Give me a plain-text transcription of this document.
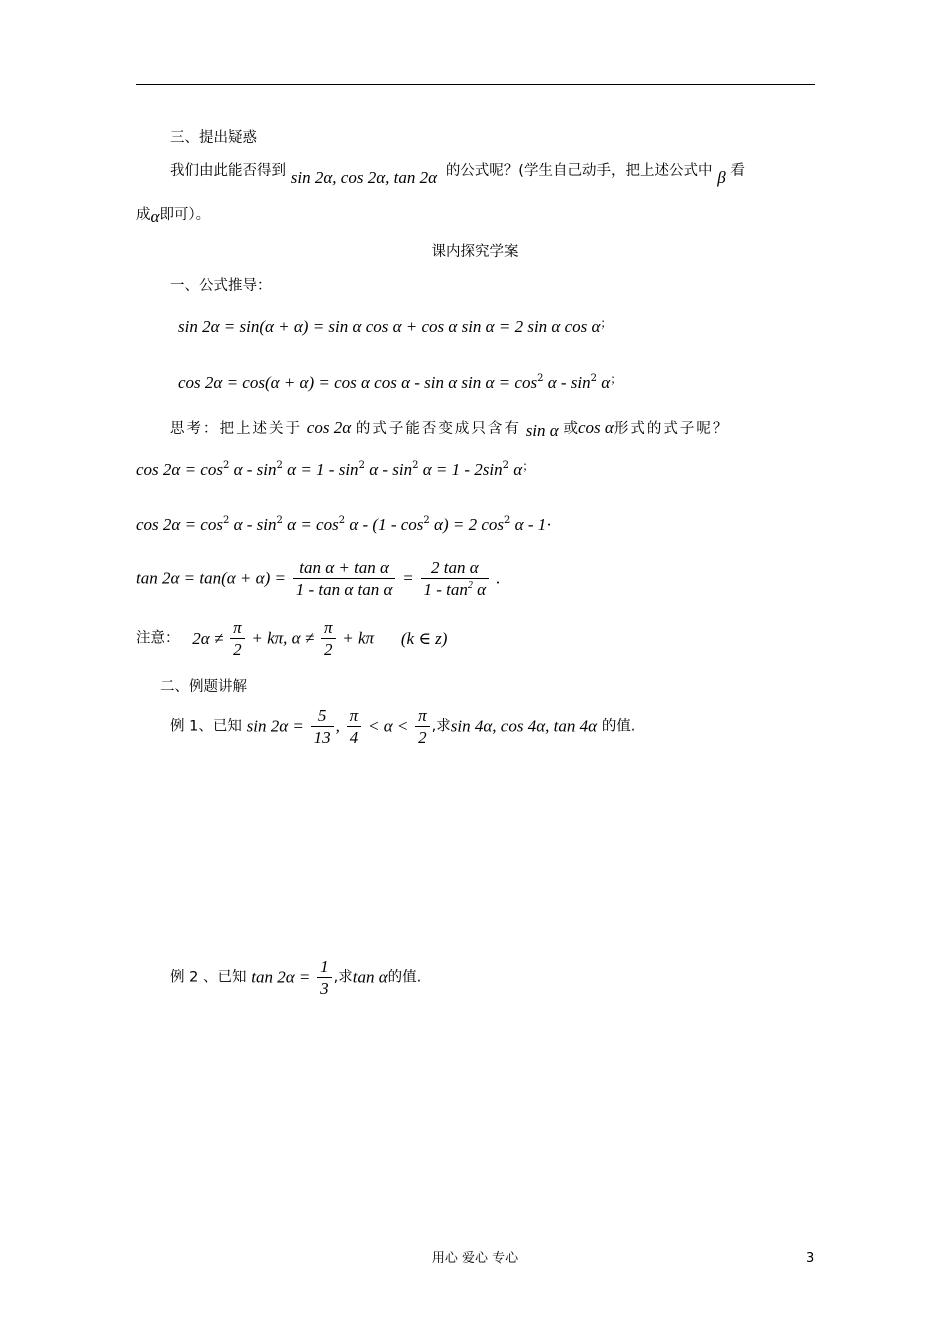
三、提出疑惑
我们由此能否得到 sin 2α, cos 2α, tan 2α 的公式呢？(学生自己动手，把上述公式中 β 看
成α即可）。
课内探究学案
一、公式推导：
sin 2α = sin(α + α) = sin α cos α + cos α sin α = 2 sin α cos α；
cos 2α = cos(α + α) = cos α cos α - sin α $\sin \alpha = \cos^2 \alpha - \sin^2 \alpha^;$
思考：把上述关于 cos 2α 的式子能否变成只含有 sin α 或cos α形式的式子呢？
$\cos 2\alpha = \cos^2 \alpha - \sin^2 \alpha = 1 - \sin^2 \alpha - \sin^2 \alpha = 1 - 2\sin^2$ α；
$\cos 2\alpha = \cos^2 \alpha - \sin^2 \alpha = \cos^2 \alpha - (1 - \cos^2 \alpha) = 2$ $\cos^2 \alpha - 1\cdot$
$\tan 2\alpha = \tan(\alpha + \alpha) = \frac{\text{tan α + tan α}}{\text{1 - tan α tan α}} = \frac{\text{2 tan α}}{1 - \tan^2 \alpha}$ .
注意： $2\alpha \ne \frac{\pi}{2} + k\pi$, $\alpha \ne \frac{\pi}{2} + k\pi$ (k ∈ z)
二、例题讲解
例 1、已知 $\sin 2\alpha = \frac{5}{13}$ , $\frac{\pi}{4} < \alpha < \frac{\pi}{2}$ ,求sin 4α, cos 4α, tan 4α 的值.
例 2 、已知 $\tan 2\alpha = \frac{1}{3}$ ,求tan α的值.
用心 爱心 专心	3
